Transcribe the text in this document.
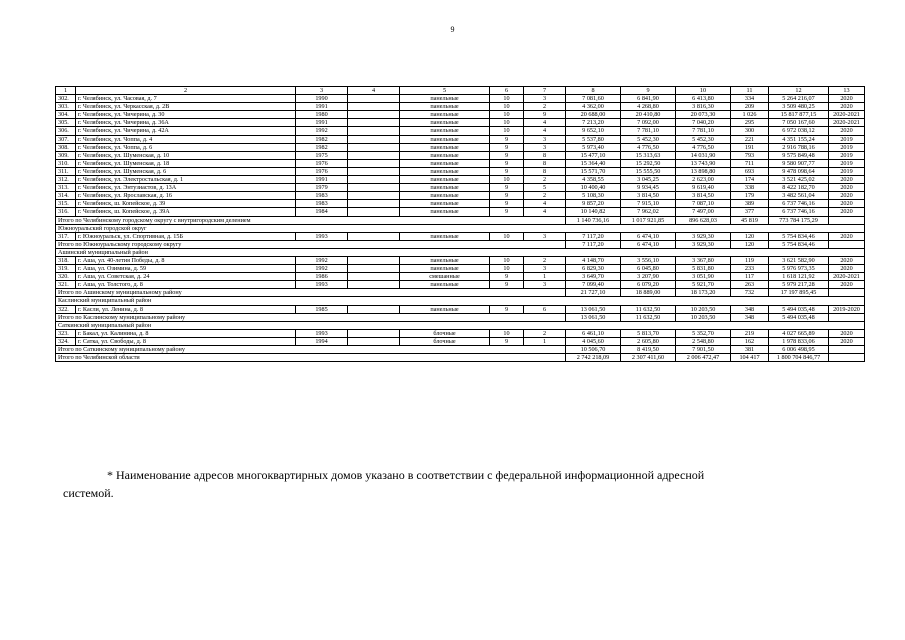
9
1	2	3	4	5	6	7	8	9	10	11	12	13
302.	г. Челябинск, ул. Часовая, д. 7	1990		панельные	10	3	7 081,60	6 841,90	6 413,80	334	5 264 216,07	2020
303.	г. Челябинск, ул. Черкасская, д. 2В	1991		панельные	10	2	4 362,00	4 268,80	3 816,30	209	3 509 480,25	2020
304.	г. Челябинск, ул. Чичерина, д. 30	1980		панельные	10	9	20 688,00	20 410,80	20 073,30	1 026	15 817 877,15	2020-2021
305.	г. Челябинск, ул. Чичерина, д. 36А	1991		панельные	10	4	7 213,20	7 092,00	7 040,20	295	7 050 167,60	2020-2021
306.	г. Челябинск, ул. Чичерина, д. 42А	1992		панельные	10	4	9 652,10	7 781,10	7 781,10	300	6 972 038,12	2020
307.	г. Челябинск, ул. Чоппа, д. 4	1982		панельные	9	3	5 537,80	5 452,30	5 452,30	221	4 351 155,24	2019
308.	г. Челябинск, ул. Чоппа, д. 6	1982		панельные	9	3	5 973,40	4 776,50	4 776,50	191	2 916 788,16	2019
309.	г. Челябинск, ул. Шуменская, д. 10	1975		панельные	9	8	15 477,10	15 313,63	14 031,90	793	9 575 849,48	2019
310.	г. Челябинск, ул. Шуменская, д. 18	1976		панельные	9	8	15 364,40	15 292,50	13 743,90	711	9 580 907,77	2019
311.	г. Челябинск, ул. Шуменская, д. 6	1976		панельные	9	8	15 571,70	15 555,50	13 898,80	693	9 478 098,64	2019
312.	г. Челябинск, ул. Электростальская, д. 1	1991		панельные	10	2	4 358,55	3 045,25	2 623,00	174	3 521 425,02	2020
313.	г. Челябинск, ул. Энтузиастов, д. 13А	1979		панельные	9	5	10 400,40	9 934,45	9 619,40	338	8 422 182,70	2020
314.	г. Челябинск, ул. Ярославская, д. 16	1983		панельные	9	2	5 108,30	3 814,50	3 814,50	179	3 482 561,04	2020
315.	г. Челябинск, ш. Копейское, д. 39	1983		панельные	9	4	9 857,20	7 915,10	7 087,10	389	6 737 746,16	2020
316.	г. Челябинск, ш. Копейское, д. 39А	1984		панельные	9	4	10 140,82	7 962,02	7 497,00	377	6 737 746,16	2020
Итого по Челябинскому городскому округу с внутригородским делением							1 140 736,16	1 017 921,85	896 628,03	45 819	773 784 175,29	
Южноуральский городской округ												
317.	г. Южноуральск, ул. Спортивная, д. 15Б	1993		панельные	10	3	7 117,20	6 474,10	3 929,30	120	5 754 834,46	2020
Итого по Южноуральскому городскому округу							7 117,20	6 474,10	3 929,30	120	5 754 834,46	
Ашинский муниципальный район												
318.	г. Аша, ул. 40-летия Победы, д. 8	1992		панельные	10	2	4 148,70	3 556,10	3 367,80	119	3 621 582,90	2020
319.	г. Аша, ул. Озимина, д. 59	1992		панельные	10	3	6 829,30	6 045,80	5 831,80	233	5 976 973,35	2020
320.	г. Аша, ул. Советская, д. 24	1986		смешанные	9	1	3 649,70	3 207,90	3 051,90	117	1 618 121,92	2020-2021
321.	г. Аша, ул. Толстого, д. 8	1993		панельные	9	3	7 099,40	6 079,20	5 921,70	263	5 979 217,28	2020
Итого по Ашинскому муниципальному району							21 727,10	18 889,00	18 173,20	732	17 197 895,45	
Каслинский муниципальный район												
322.	г. Касли, ул. Ленина, д. 8	1985		панельные	9	6	13 061,50	11 632,50	10 203,50	348	5 494 035,48	2019-2020
Итого по Каслинскому муниципальному району							13 061,50	11 632,50	10 203,50	348	5 494 035,48	
Саткинский муниципальный район												
323.	г. Бакал, ул. Калинина, д. 8	1993		блочные	10	2	6 461,10	5 813,70	5 352,70	219	4 027 665,89	2020
324.	г. Сатка, ул. Свободы, д. 8	1994		блочные	9	1	4 045,60	2 605,80	2 548,80	162	1 978 833,06	2020
Итого по Саткинскому муниципальному району							10 506,70	8 419,50	7 901,50	381	6 006 498,95	
Итого по Челябинской области							2 742 218,09	2 307 411,60	2 006 472,47	104 417	1 800 704 846,77	
* Наименование адресов многоквартирных домов указано в соответствии с федеральной информационной адресной
системой.
